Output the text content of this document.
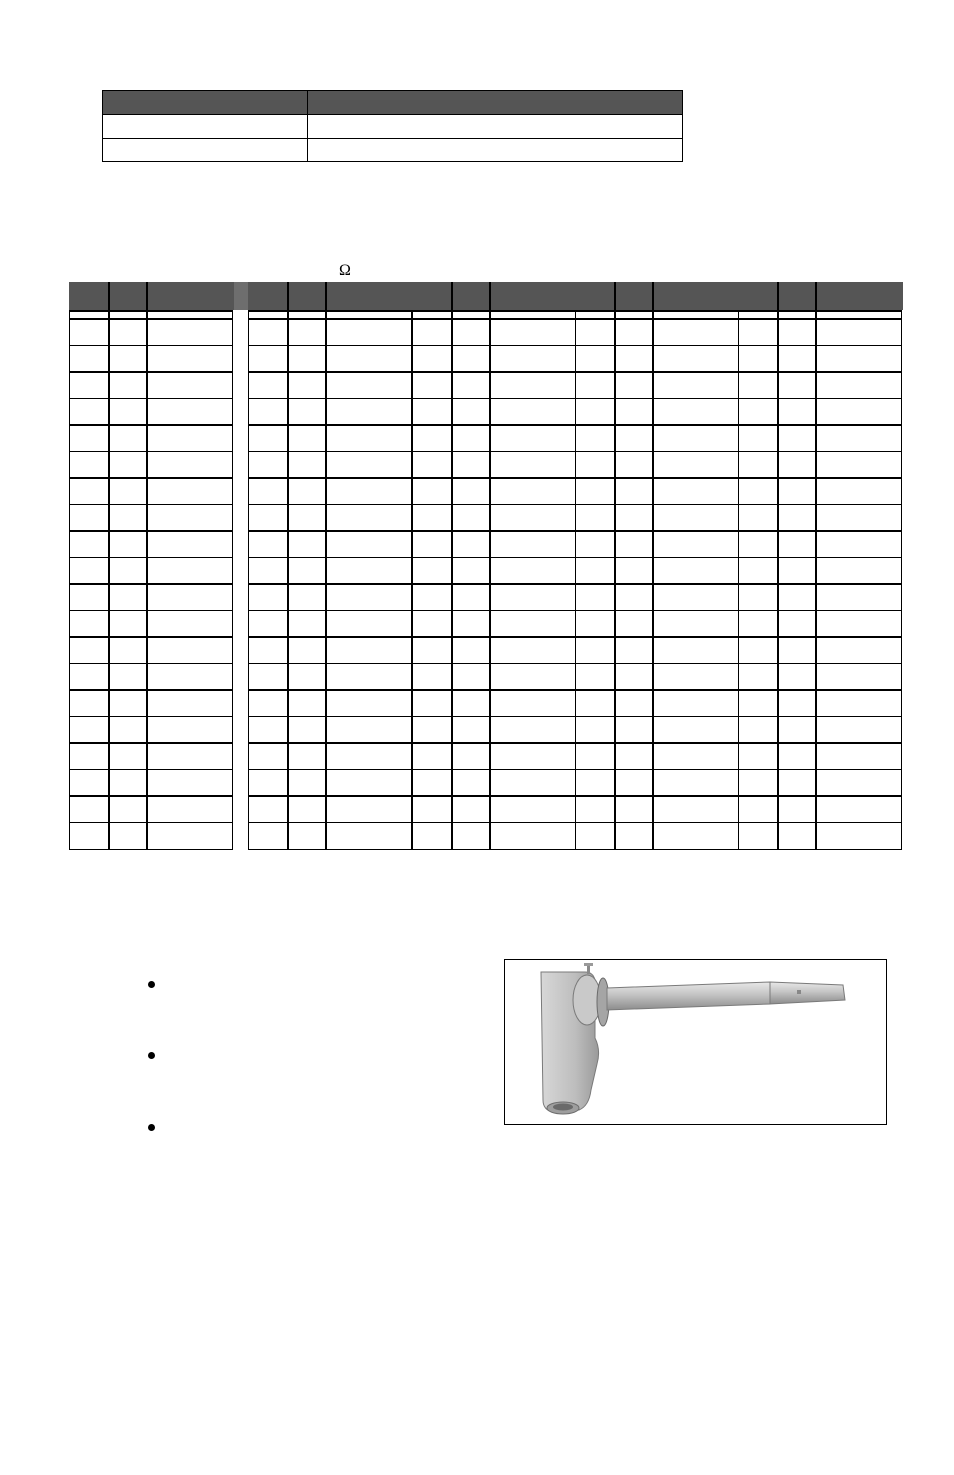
Ω
